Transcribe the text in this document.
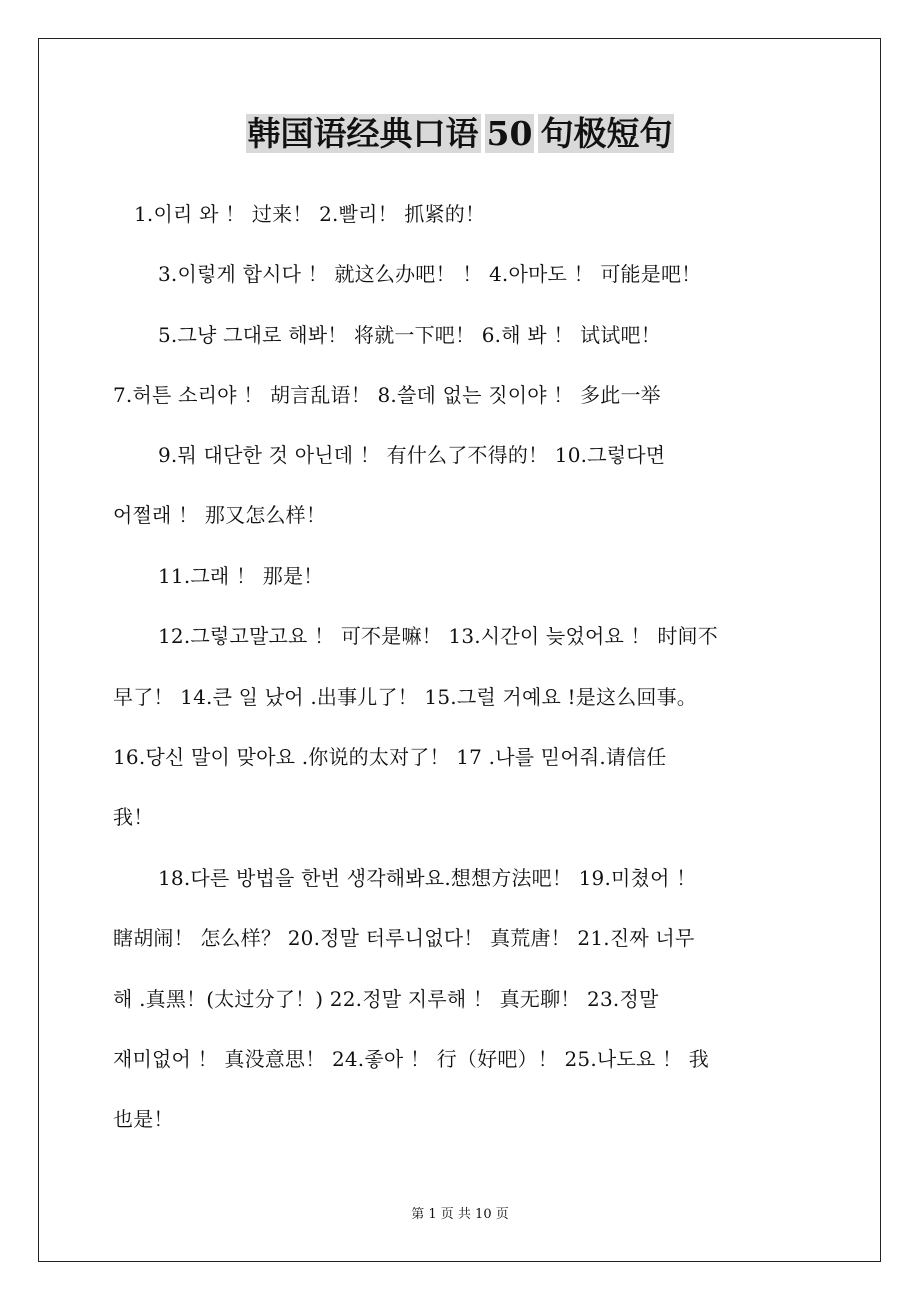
韩国语经典口语 50 句极短句
1.이리 와 ！ 过来！ 2.빨리！ 抓紧的！
3.이렇게 합시다 ！ 就这么办吧！ ！ 4.아마도 ！ 可能是吧！
5.그냥 그대로 해봐！ 将就一下吧！ 6.해 봐 ！ 试试吧！
7.허튼 소리야 ！ 胡言乱语！ 8.쓸데 없는 짓이야 ！ 多此一举
9.뭐 대단한 것 아닌데 ！ 有什么了不得的！ 10.그렇다면
어쩔래 ！ 那又怎么样！
11.그래 ！ 那是！
12.그렇고말고요 ！ 可不是嘛！ 13.시간이 늦었어요 ！ 时间不
早了！ 14.큰 일 났어 .出事儿了！ 15.그럴 거예요 !是这么回事。
16.당신 말이 맞아요 .你说的太对了！ 17 .나를 믿어줘.请信任
我！
18.다른 방법을 한번 생각해봐요.想想方法吧！ 19.미쳤어 ！
瞎胡闹！ 怎么样？ 20.정말 터루니없다！ 真荒唐！ 21.진짜 너무
해 .真黑！(太过分了！) 22.정말 지루해 ！ 真无聊！ 23.정말
재미없어 ！ 真没意思！ 24.좋아 ！ 行（好吧）！ 25.나도요 ！ 我
也是！
第 1 页 共 10 页
